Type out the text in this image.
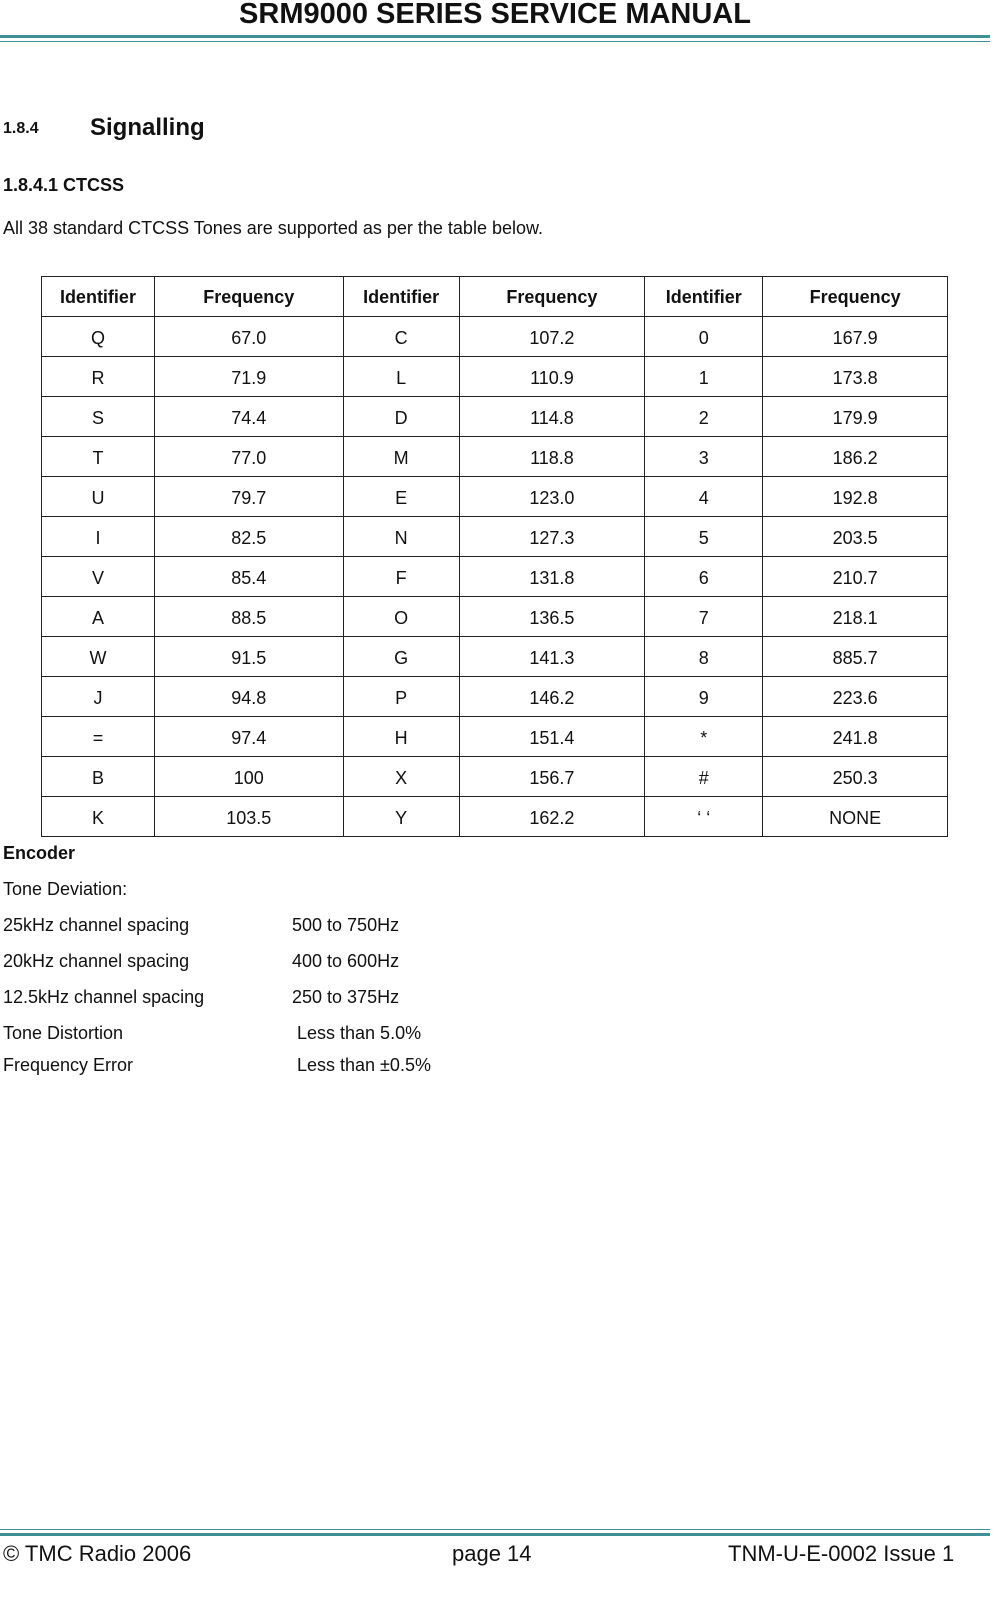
SRM9000 SERIES SERVICE MANUAL
1.8.4 Signalling
1.8.4.1 CTCSS
All 38 standard CTCSS Tones are supported as per the table below.
Identifier	Frequency	Identifier	Frequency	Identifier	Frequency
Q	67.0	C	107.2	0	167.9
R	71.9	L	110.9	1	173.8
S	74.4	D	114.8	2	179.9
T	77.0	M	118.8	3	186.2
U	79.7	E	123.0	4	192.8
I	82.5	N	127.3	5	203.5
V	85.4	F	131.8	6	210.7
A	88.5	O	136.5	7	218.1
W	91.5	G	141.3	8	885.7
J	94.8	P	146.2	9	223.6
=	97.4	H	151.4	*	241.8
B	100	X	156.7	#	250.3
K	103.5	Y	162.2	‘ ‘	NONE
Encoder
Tone Deviation:
25kHz channel spacing	500 to 750Hz
20kHz channel spacing	400 to 600Hz
12.5kHz channel spacing	250 to 375Hz
Tone Distortion	Less than 5.0%
Frequency Error	Less than ±0.5%
© TMC Radio 2006	page 14	TNM-U-E-0002 Issue 1
